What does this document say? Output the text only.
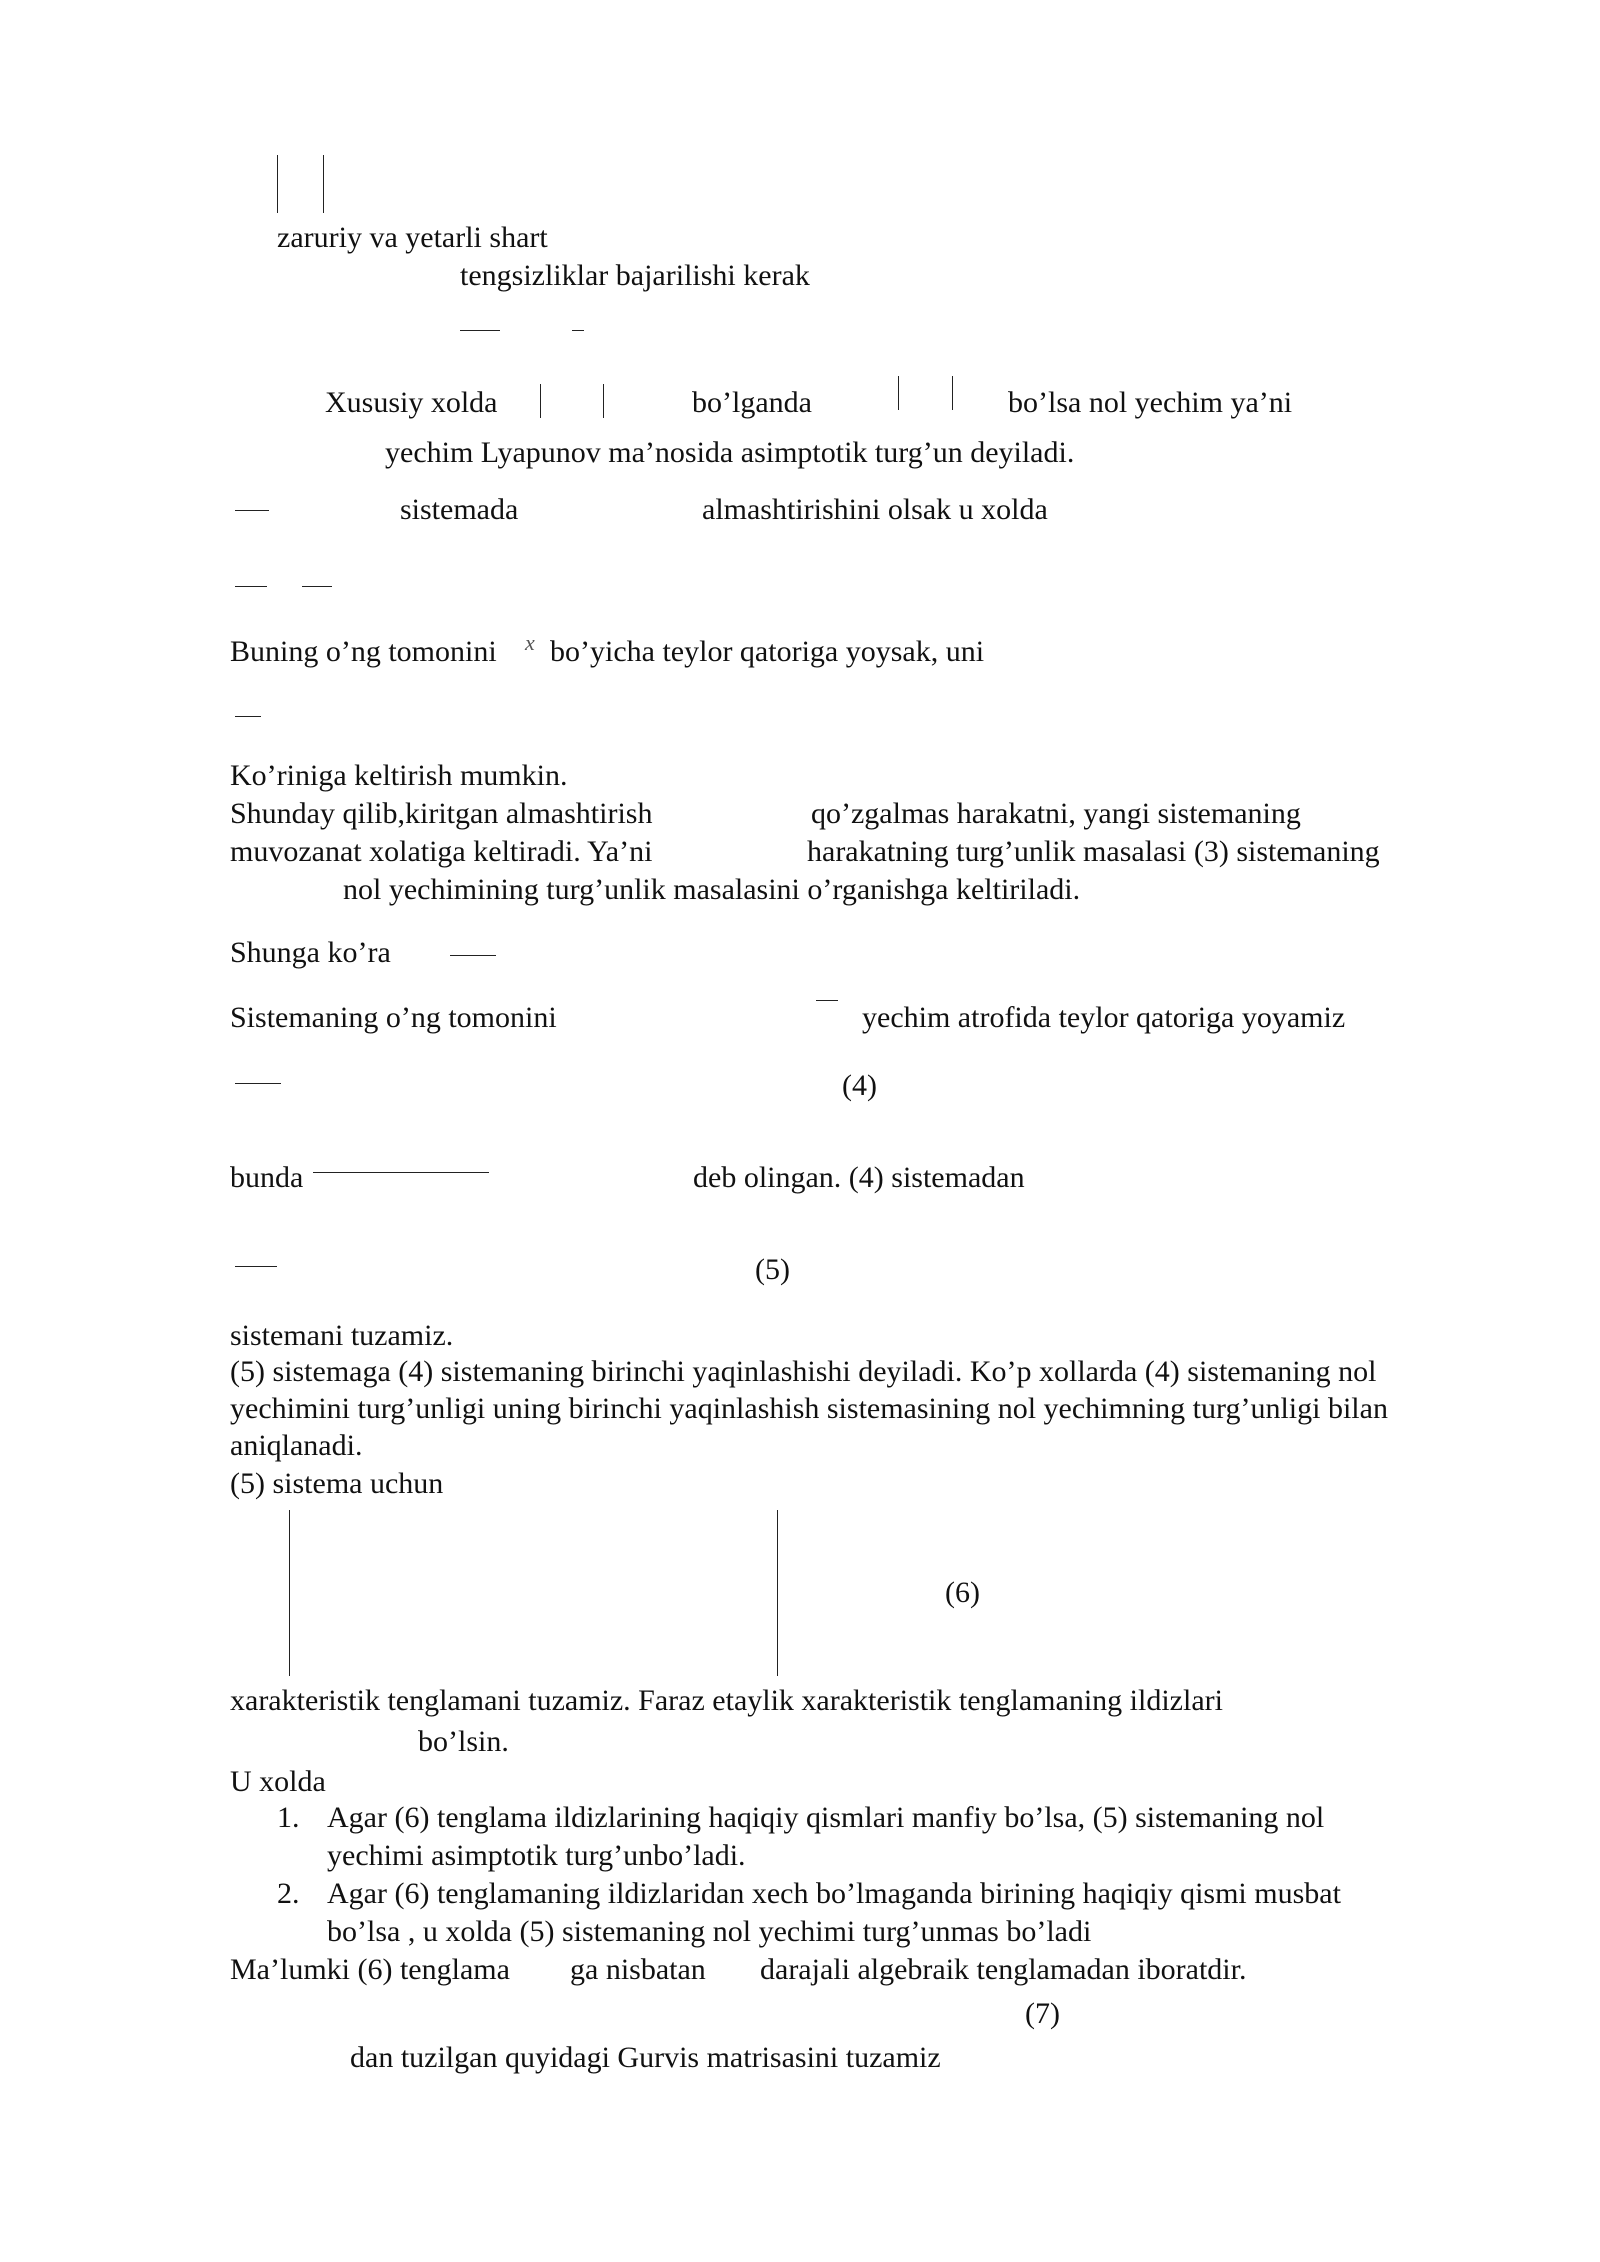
zaruriy va yetarli shart
tengsizliklar bajarilishi kerak
Xususiy xolda	bo’lganda	bo’lsa nol yechim ya’ni
yechim Lyapunov ma’nosida asimptotik turg’un deyiladi.
sistemada	almashtirishini olsak u xolda
Buning o’ng tomonini x bo’yicha teylor qatoriga yoysak, uni
Ko’riniga keltirish mumkin.
Shunday qilib,kiritgan almashtirish	qo’zgalmas harakatni, yangi sistemaning
muvozanat xolatiga keltiradi. Ya’ni	harakatning turg’unlik masalasi (3) sistemaning
nol yechimining turg’unlik masalasini o’rganishga keltiriladi.
Shunga ko’ra
Sistemaning o’ng tomonini	yechim atrofida teylor qatoriga yoyamiz
(4)
bunda	deb olingan. (4) sistemadan
(5)
sistemani tuzamiz.
(5) sistemaga (4) sistemaning birinchi yaqinlashishi deyiladi. Ko’p xollarda (4) sistemaning nol
yechimini turg’unligi uning birinchi yaqinlashish sistemasining nol yechimning turg’unligi bilan
aniqlanadi.
(5) sistema uchun
(6)
xarakteristik tenglamani tuzamiz. Faraz etaylik xarakteristik tenglamaning ildizlari
bo’lsin.
U xolda
1. Agar (6) tenglama ildizlarining haqiqiy qismlari manfiy bo’lsa, (5) sistemaning nol
yechimi asimptotik turg’unbo’ladi.
2. Agar (6) tenglamaning ildizlaridan xech bo’lmaganda birining haqiqiy qismi musbat
bo’lsa , u xolda (5) sistemaning nol yechimi turg’unmas bo’ladi
Ma’lumki (6) tenglama ga nisbatan darajali algebraik tenglamadan iboratdir.
(7)
dan tuzilgan quyidagi Gurvis matrisasini tuzamiz
